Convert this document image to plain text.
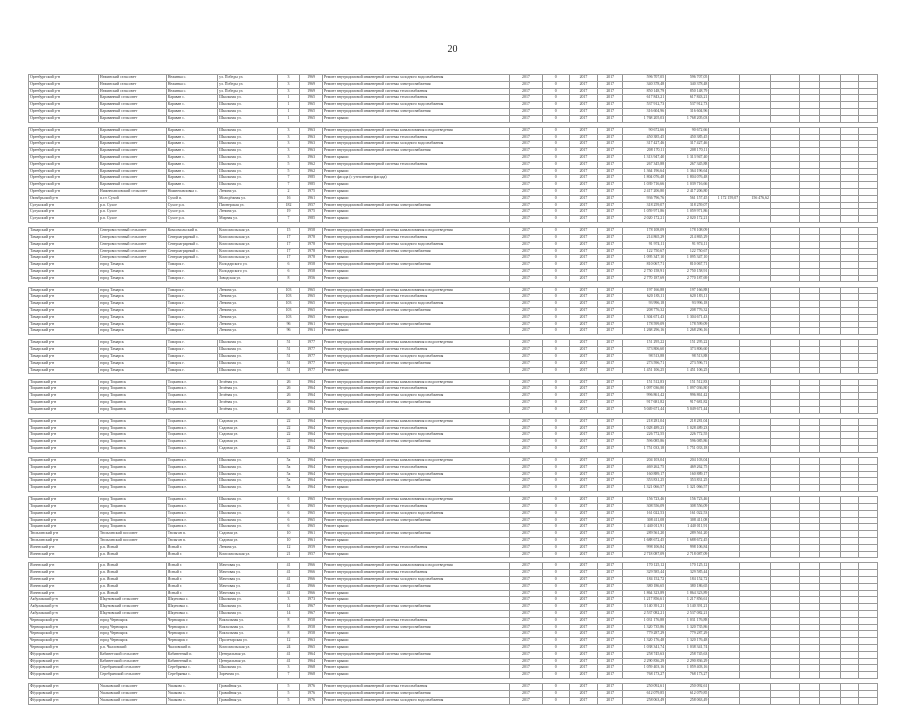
20
Оренбургский р-н	Нежинский сельсовет	Нежинка с.	ул. Победы ул.	3	1969	Ремонт внутридомовой инженерной системы холодного водоснабжения	2017	0	2017	2017	596 707,05	596 707,05							
Оренбургский р-н	Нежинский сельсовет	Нежинка с.	ул. Победы ул.	3	1969	Ремонт внутридомовой инженерной системы электроснабжения	2017	0	2017	2017	340 378,48	340 378,48							
Оренбургский р-н	Нежинский сельсовет	Нежинка с.	ул. Победы ул.	3	1969	Ремонт внутридомовой инженерной системы теплоснабжения	2017	0	2017	2017	850 148,79	850 148,79							
Оренбургский р-н	Караванный сельсовет	Караван с.	Школьная ул.	1	1965	Ремонт внутридомовой инженерной системы теплоснабжения	2017	0	2017	2017	617 843,21	617 843,21							
Оренбургский р-н	Караванный сельсовет	Караван с.	Школьная ул.	1	1965	Ремонт внутридомовой инженерной системы холодного водоснабжения	2017	0	2017	2017	537 912,73	537 912,73							
Оренбургский р-н	Караванный сельсовет	Караван с.	Школьная ул.	1	1965	Ремонт внутридомовой инженерной системы электроснабжения	2017	0	2017	2017	316 604,96	316 604,96							
Оренбургский р-н	Караванный сельсовет	Караван с.	Школьная ул.	1	1965	Ремонт крыши	2017	0	2017	2017	1 768 205,03	1 768 205,03							

Оренбургский р-н	Караванный сельсовет	Караван с.	Школьная ул.	3	1963	Ремонт внутридомовой инженерной системы канализования и водоотведения	2017	0	2017	2017	90 672,66	90 672,66							
Оренбургский р-н	Караванный сельсовет	Караван с.	Школьная ул.	3	1963	Ремонт внутридомовой инженерной системы теплоснабжения	2017	0	2017	2017	450 385,45	450 385,45							
Оренбургский р-н	Караванный сельсовет	Караван с.	Школьная ул.	3	1963	Ремонт внутридомовой инженерной системы холодного водоснабжения	2017	0	2017	2017	317 427,46	317 427,46							
Оренбургский р-н	Караванный сельсовет	Караван с.	Школьная ул.	3	1963	Ремонт внутридомовой инженерной системы электроснабжения	2017	0	2017	2017	208 170,11	208 170,11							
Оренбургский р-н	Караванный сельсовет	Караван с.	Школьная ул.	3	1963	Ремонт крыши	2017	0	2017	2017	1 313 947,40	1 313 947,40							
Оренбургский р-н	Караванный сельсовет	Караван с.	Школьная ул.	5	1962	Ремонт внутридомовой инженерной системы теплоснабжения	2017	0	2017	2017	267 345,88	267 345,88							
Оренбургский р-н	Караванный сельсовет	Караван с.	Школьная ул.	5	1962	Ремонт крыши	2017	0	2017	2017	1 364 196,64	1 364 196,64							
Оренбургский р-н	Караванный сельсовет	Караван с.	Школьная ул.	7	1985	Ремонт фасада (с утеплением фасада)	2017	0	2017	2017	1 804 076,48	1 804 076,48							
Оренбургский р-н	Караванный сельсовет	Караван с.	Школьная ул.	7	1985	Ремонт крыши	2017	0	2017	2017	1 039 716,66	1 039 716,66							
Оренбургский р-н	Нижнепавловский сельсовет	Нижнепавловка с.	Ленина ул.	2	1975	Ремонт крыши	2017	0	2017	2017	2 417 206,80	2 417 206,80							
Октябрьский р-н	п.г.т. Сухой	Сухой п.	Молодёжная ул.	16	1961	Ремонт крыши	2017	0	2017	2017	936 796,76	561 157,45	1 172 159,07	156 476,62					
Сулукский р-н	р.п. Сухое	Сухое р.п.	Пионерская ул.	182	1957	Ремонт внутридомовой инженерной системы электроснабжения	2017	0	2017	2017	318 259,07	318 259,07							
Сулукский р-н	р.п. Сухое	Сухое р.п.	Ленина ул.	19	1975	Ремонт крыши	2017	0	2017	2017	1 059 971,86	1 059 971,86							
Сулукский р-н	р.п. Сухое	Сухое р.п.	Мирная ул.	7	1985	Ремонт крыши	2017	0	2017	2017	2 020 172,21	2 020 172,21							

Тамарский р-н	Северовосточный сельсовет	Комсомольский п.	Комсомольская ул.	15	1958	Ремонт внутридомовой инженерной системы канализования и водоотведения	2017	0	2017	2017	178 108,09	178 108,09							
Тамарский р-н	Северовосточный сельсовет	Североаграрный с.	Комсомольская ул.	17	1978	Ремонт внутридомовой инженерной системы теплоснабжения	2017	0	2017	2017	214 865,29	214 865,29							
Тамарский р-н	Северовосточный сельсовет	Североаграрный с.	Комсомольская ул.	17	1978	Ремонт внутридомовой инженерной системы холодного водоснабжения	2017	0	2017	2017	91 974,11	91 974,11							
Тамарский р-н	Северовосточный сельсовет	Североаграрный с.	Комсомольская ул.	17	1978	Ремонт внутридомовой инженерной системы электроснабжения	2017	0	2017	2017	122 750,67	122 750,67							
Тамарский р-н	Северовосточный сельсовет	Североаграрный с.	Комсомольская ул.	17	1978	Ремонт крыши	2017	0	2017	2017	1 095 347,10	1 095 347,10							
Тамарский р-н	город Тамарск	Тамарск г.	Володарского ул.	6	1958	Ремонт внутридомовой инженерной системы электроснабжения	2017	0	2017	2017	810 067,71	810 067,71							
Тамарский р-н	город Тамарск	Тамарск г.	Володарского ул.	6	1958	Ремонт крыши	2017	0	2017	2017	2 750 158,91	2 750 158,91							
Тамарский р-н	город Тамарск	Тамарск г.	Заводская ул.	8	1956	Ремонт крыши	2017	0	2017	2017	2 770 187,69	2 770 187,69							

Тамарский р-н	город Тамарск	Тамарск г.	Ленина ул.	103	1965	Ремонт внутридомовой инженерной системы канализования и водоотведения	2017	0	2017	2017	197 166,88	197 166,88							
Тамарский р-н	город Тамарск	Тамарск г.	Ленина ул.	103	1965	Ремонт внутридомовой инженерной системы теплоснабжения	2017	0	2017	2017	620 183,11	620 183,11							
Тамарский р-н	город Тамарск	Тамарск г.	Ленина ул.	103	1965	Ремонт внутридомовой инженерной системы холодного водоснабжения	2017	0	2017	2017	93 996,18	93 996,18							
Тамарский р-н	город Тамарск	Тамарск г.	Ленина ул.	103	1965	Ремонт внутридомовой инженерной системы электроснабжения	2017	0	2017	2017	208 776,32	208 776,32							
Тамарский р-н	город Тамарск	Тамарск г.	Ленина ул.	103	1965	Ремонт крыши	2017	0	2017	2017	1 304 671,43	1 304 671,43							
Тамарский р-н	город Тамарск	Тамарск г.	Ленина ул.	96	1961	Ремонт внутридомовой инженерной системы электроснабжения	2017	0	2017	2017	178 599,09	178 599,09							
Тамарский р-н	город Тамарск	Тамарск г.	Ленина ул.	96	1961	Ремонт крыши	2017	0	2017	2017	1 268 296,16	1 268 296,16							

Тамарский р-н	город Тамарск	Тамарск г.	Школьная ул.	51	1977	Ремонт внутридомовой инженерной системы канализования и водоотведения	2017	0	2017	2017	151 295,22	151 295,22							
Тамарский р-н	город Тамарск	Тамарск г.	Школьная ул.	51	1977	Ремонт внутридомовой инженерной системы теплоснабжения	2017	0	2017	2017	373 806,60	373 806,60							
Тамарский р-н	город Тамарск	Тамарск г.	Школьная ул.	51	1977	Ремонт внутридомовой инженерной системы холодного водоснабжения	2017	0	2017	2017	98 513,88	98 513,88							
Тамарский р-н	город Тамарск	Тамарск г.	Школьная ул.	51	1977	Ремонт внутридомовой инженерной системы электроснабжения	2017	0	2017	2017	273 596,71	273 596,71							
Тамарский р-н	город Тамарск	Тамарск г.	Школьная ул.	51	1977	Ремонт крыши	2017	0	2017	2017	1 451 106,25	1 451 106,25							

Тоцкинский р-н	город Тоцкинск	Тоцкинск г.	Зелёная ул.	26	1964	Ремонт внутридомовой инженерной системы канализования и водоотведения	2017	0	2017	2017	151 512,83	151 512,83							
Тоцкинский р-н	город Тоцкинск	Тоцкинск г.	Зелёная ул.	26	1964	Ремонт внутридомовой инженерной системы теплоснабжения	2017	0	2017	2017	1 097 036,80	1 097 036,80							
Тоцкинский р-н	город Тоцкинск	Тоцкинск г.	Зелёная ул.	26	1964	Ремонт внутридомовой инженерной системы холодного водоснабжения	2017	0	2017	2017	996 861,42	996 861,42							
Тоцкинский р-н	город Тоцкинск	Тоцкинск г.	Зелёная ул.	26	1964	Ремонт внутридомовой инженерной системы электроснабжения	2017	0	2017	2017	917 681,82	917 681,82							
Тоцкинский р-н	город Тоцкинск	Тоцкинск г.	Зелёная ул.	26	1964	Ремонт крыши	2017	0	2017	2017	5 049 671,44	5 049 671,44							

Тоцкинский р-н	город Тоцкинск	Тоцкинск г.	Садовая ул.	22	1964	Ремонт внутридомовой инженерной системы канализования и водоотведения	2017	0	2017	2017	218 281,04	218 281,04							
Тоцкинский р-н	город Тоцкинск	Тоцкинск г.	Садовая ул.	22	1964	Ремонт внутридомовой инженерной системы теплоснабжения	2017	0	2017	2017	1 028 489,23	1 028 489,23							
Тоцкинский р-н	город Тоцкинск	Тоцкинск г.	Садовая ул.	22	1964	Ремонт внутридомовой инженерной системы холодного водоснабжения	2017	0	2017	2017	226 772,55	226 772,55							
Тоцкинский р-н	город Тоцкинск	Тоцкинск г.	Садовая ул.	22	1964	Ремонт внутридомовой инженерной системы электроснабжения	2017	0	2017	2017	596 085,86	596 085,86							
Тоцкинский р-н	город Тоцкинск	Тоцкинск г.	Садовая ул.	22	1964	Ремонт крыши	2017	0	2017	2017	1 751 033,18	1 751 033,18							

Тоцкинский р-н	город Тоцкинск	Тоцкинск г.	Школьная ул.	5а	1964	Ремонт внутридомовой инженерной системы канализования и водоотведения	2017	0	2017	2017	204 103,04	204 103,04							
Тоцкинский р-н	город Тоцкинск	Тоцкинск г.	Школьная ул.	5а	1964	Ремонт внутридомовой инженерной системы теплоснабжения	2017	0	2017	2017	469 262,75	469 262,75							
Тоцкинский р-н	город Тоцкинск	Тоцкинск г.	Школьная ул.	5а	1964	Ремонт внутридомовой инженерной системы холодного водоснабжения	2017	0	2017	2017	160 889,17	160 889,17							
Тоцкинский р-н	город Тоцкинск	Тоцкинск г.	Школьная ул.	5а	1964	Ремонт внутридомовой инженерной системы электроснабжения	2017	0	2017	2017	353 831,25	353 831,25							
Тоцкинский р-н	город Тоцкинск	Тоцкинск г.	Школьная ул.	5а	1964	Ремонт крыши	2017	0	2017	2017	1 321 066,57	1 321 066,57							

Тоцкинский р-н	город Тоцкинск	Тоцкинск г.	Школьная ул.	6	1965	Ремонт внутридомовой инженерной системы канализования и водоотведения	2017	0	2017	2017	156 723,46	156 723,46							
Тоцкинский р-н	город Тоцкинск	Тоцкинск г.	Школьная ул.	6	1965	Ремонт внутридомовой инженерной системы теплоснабжения	2017	0	2017	2017	308 556,09	308 556,09							
Тоцкинский р-н	город Тоцкинск	Тоцкинск г.	Школьная ул.	6	1965	Ремонт внутридомовой инженерной системы холодного водоснабжения	2017	0	2017	2017	161 022,53	161 022,53							
Тоцкинский р-н	город Тоцкинск	Тоцкинск г.	Школьная ул.	6	1965	Ремонт внутридомовой инженерной системы электроснабжения	2017	0	2017	2017	308 411,08	308 411,08							
Тоцкинский р-н	город Тоцкинск	Тоцкинск г.	Школьная ул.	6	1965	Ремонт крыши	2017	0	2017	2017	1 440 011,91	1 440 011,91							
Тюльганский р-н	Тюльганский поссовет	Тюльган п.	Садовая ул.	10	1961	Ремонт внутридомовой инженерной системы электроснабжения	2017	0	2017	2017	289 561,20	289 561,20							
Тюльганский р-н	Тюльганский поссовет	Тюльган п.	Садовая ул.	10	1961	Ремонт крыши	2017	0	2017	2017	1 688 672,45	1 688 672,45							
Ясненский р-н	р.п. Ясный	Ясный г.	Ленина ул.	12	1959	Ремонт внутридомовой инженерной системы теплоснабжения	2017	0	2017	2017	998 106,84	998 106,84							
Ясненский р-н	р.п. Ясный	Ясный г.	Комсомольская ул.	21	1957	Ремонт крыши	2017	0	2017	2017	2 718 087,09	2 718 087,09							

Ясненский р-н	р.п. Ясный	Ясный г.	Мачтовая ул.	41	1966	Ремонт внутридомовой инженерной системы канализования и водоотведения	2017	0	2017	2017	170 125,12	170 125,12							
Ясненский р-н	р.п. Ясный	Ясный г.	Мачтовая ул.	41	1966	Ремонт внутридомовой инженерной системы теплоснабжения	2017	0	2017	2017	329 585,44	329 585,44							
Ясненский р-н	р.п. Ясный	Ясный г.	Мачтовая ул.	41	1966	Ремонт внутридомовой инженерной системы холодного водоснабжения	2017	0	2017	2017	184 152,72	184 152,72							
Ясненский р-н	р.п. Ясный	Ясный г.	Мачтовая ул.	41	1966	Ремонт внутридомовой инженерной системы электроснабжения	2017	0	2017	2017	380 186,65	380 186,65							
Ясненский р-н	р.п. Ясный	Ясный г.	Мачтовая ул.	41	1966	Ремонт крыши	2017	0	2017	2017	1 864 323,89	1 864 323,89							
Акбулакский р-н	Шкуновский сельсовет	Шкуновка с.	Школьная ул.	3	1973	Ремонт крыши	2017	0	2017	2017	1 217 856,61	1 217 856,61							
Акбулакский р-н	Шкуновский сельсовет	Шкуновка с.	Школьная ул.	14	1967	Ремонт внутридомовой инженерной системы электроснабжения	2017	0	2017	2017	3 140 391,21	3 140 391,21							
Акбулакский р-н	Шкуновский сельсовет	Шкуновка с.	Школьная ул.	14	1967	Ремонт крыши	2017	0	2017	2017	2 537 082,21	2 537 082,21							
Черноярский р-н	город Черноярск	Черноярск г.	Вокзальная ул.	8	1958	Ремонт внутридомовой инженерной системы теплоснабжения	2017	0	2017	2017	1 031 176,88	1 031 176,88							
Черноярский р-н	город Черноярск	Черноярск г.	Вокзальная ул.	8	1958	Ремонт внутридомовой инженерной системы электроснабжения	2017	0	2017	2017	1 320 735,86	1 320 735,86							
Черноярский р-н	город Черноярск	Черноярск г.	Вокзальная ул.	8	1958	Ремонт крыши	2017	0	2017	2017	779 287,29	779 287,29							
Черноярский р-н	город Черноярск	Черноярск г.	Пролетарская ул.	12	1963	Ремонт крыши	2017	0	2017	2017	1 320 176,48	1 320 176,48							
Черноярский р-н	р.п. Чкаловский	Чкаловский п.	Комсомольская ул.	24	1965	Ремонт крыши	2017	0	2017	2017	1 038 341,74	1 038 341,74							
Фёдоровский р-н	Кабинетский сельсовет	Кабинетный п.	Центральная ул.	41	1964	Ремонт внутридомовой инженерной системы электроснабжения	2017	0	2017	2017	258 745,63	258 745,63							
Фёдоровский р-н	Кабинетский сельсовет	Кабинетный п.	Центральная ул.	41	1964	Ремонт крыши	2017	0	2017	2017	2 290 836,29	2 290 836,29							
Фёдоровский р-н	Серебрянский сельсовет	Серебрянка с.	Школьная ул.	3	1968	Ремонт крыши	2017	0	2017	2017	1 059 403,16	1 059 403,16							
Фёдоровский р-н	Серебрянский сельсовет	Серебрянка с.	Заречная ул.	7	1968	Ремонт крыши	2017	0	2017	2017	768 173,27	768 173,27							

Фёдоровский р-н	Ушаковский сельсовет	Ушаково с.	Гравийная ул.	5	1976	Ремонт внутридомовой инженерной системы теплоснабжения	2017	0	2017	2017	250 092,61	250 092,61							
Фёдоровский р-н	Ушаковский сельсовет	Ушаково с.	Гравийная ул.	5	1976	Ремонт внутридомовой инженерной системы электроснабжения	2017	0	2017	2017	612 079,85	612 079,85							
Фёдоровский р-н	Ушаковский сельсовет	Ушаково с.	Гравийная ул.	5	1976	Ремонт внутридомовой инженерной системы холодного водоснабжения	2017	0	2017	2017	258 063,49	258 063,49							
